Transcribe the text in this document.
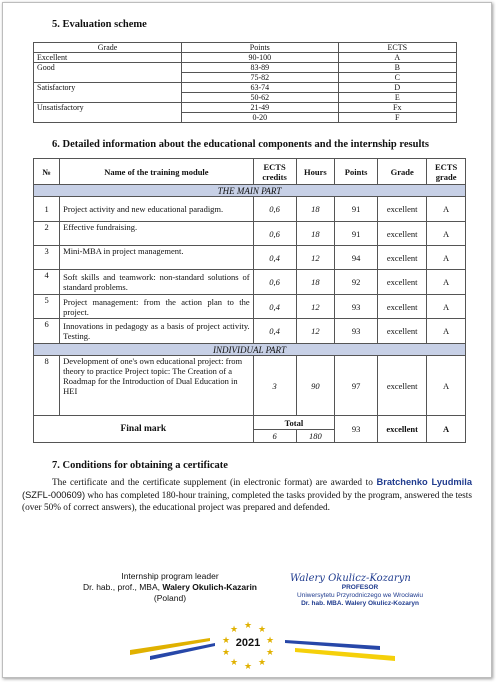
5. Evaluation scheme
Grade	Points	ECTS
Excellent	90-100	A
Good	83-89	B
	75-82	C
Satisfactory	63-74	D
	50-62	E
Unsatisfactory	21-49	Fx
	0-20	F
6. Detailed information about the educational components and the internship results
№	Name of the training module	ECTS credits	Hours	Points	Grade	ECTS grade
THE MAIN PART						
1	Project activity and new educational paradigm.	0,6	18	91	excellent	A
2	Effective fundraising.	0,6	18	91	excellent	A
3	Mini-MBA in project management.	0,4	12	94	excellent	A
4	Soft skills and teamwork: non-standard solutions of standard problems.	0,6	18	92	excellent	A
5	Project management: from the action plan to the project.	0,4	12	93	excellent	A
6	Innovations in pedagogy as a basis of project activity. Testing.	0,4	12	93	excellent	A
INDIVIDUAL PART						
8	Development of one's own educational project: from theory to practice Project topic: The Creation of a Roadmap for the Introduction of Dual Education in HEI	3	90	97	excellent	A
Final mark		Total		93	excellent	A
		6	180			
7. Conditions for obtaining a certificate
The certificate and the certificate supplement (in electronic format) are awarded to Bratchenko Lyudmila (SZFL-000609) who has completed 180-hour training, completed the tasks provided by the program, answered the tests (over 50% of correct answers), the educational project was prepared and defended.
Internship program leader
Dr. hab., prof., MBA, Walery Okulich-Kazarin
(Poland)
Walery Okulicz-Kozaryn
PROFESOR
Uniwersytetu Przyrodniczego we Wrocławiu
Dr. hab. MBA. Walery Okulicz-Kozaryn
★ ★
★
★
★
★
★
★
★ ★
2021
